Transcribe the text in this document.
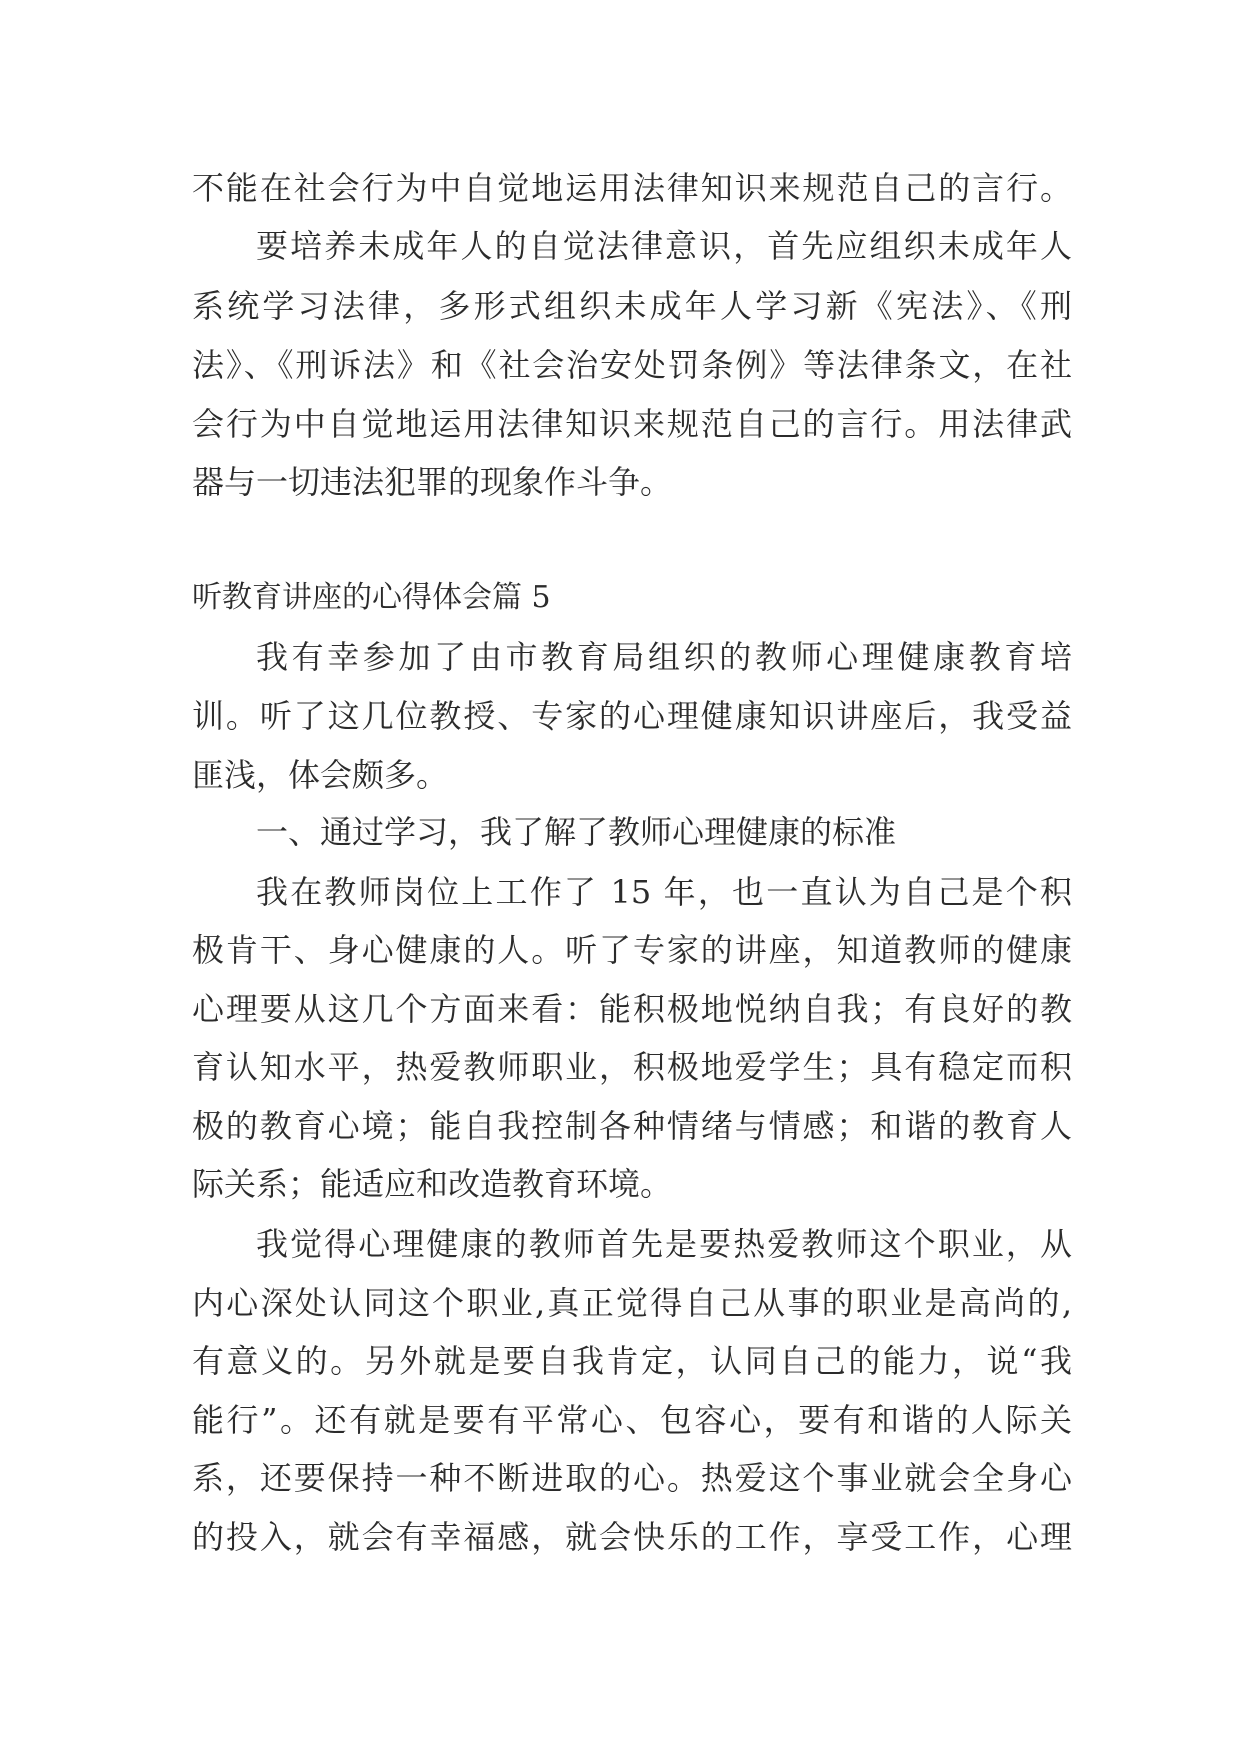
不能在社会行为中自觉地运用法律知识来规范自己的言行。
要培养未成年人的自觉法律意识，首先应组织未成年人
系统学习法律，多形式组织未成年人学习新《宪法》、《刑
法》、《刑诉法》和《社会治安处罚条例》等法律条文，在社
会行为中自觉地运用法律知识来规范自己的言行。用法律武
器与一切违法犯罪的现象作斗争。
听教育讲座的心得体会篇 5
我有幸参加了由市教育局组织的教师心理健康教育培
训。听了这几位教授、专家的心理健康知识讲座后，我受益
匪浅，体会颇多。
一、通过学习，我了解了教师心理健康的标准
我在教师岗位上工作了 15 年，也一直认为自己是个积
极肯干、身心健康的人。听了专家的讲座，知道教师的健康
心理要从这几个方面来看：能积极地悦纳自我；有良好的教
育认知水平，热爱教师职业，积极地爱学生；具有稳定而积
极的教育心境；能自我控制各种情绪与情感；和谐的教育人
际关系；能适应和改造教育环境。
我觉得心理健康的教师首先是要热爱教师这个职业，从
内心深处认同这个职业,真正觉得自己从事的职业是高尚的,
有意义的。另外就是要自我肯定，认同自己的能力，说“我
能行”。还有就是要有平常心、包容心，要有和谐的人际关
系，还要保持一种不断进取的心。热爱这个事业就会全身心
的投入，就会有幸福感，就会快乐的工作，享受工作，心理
